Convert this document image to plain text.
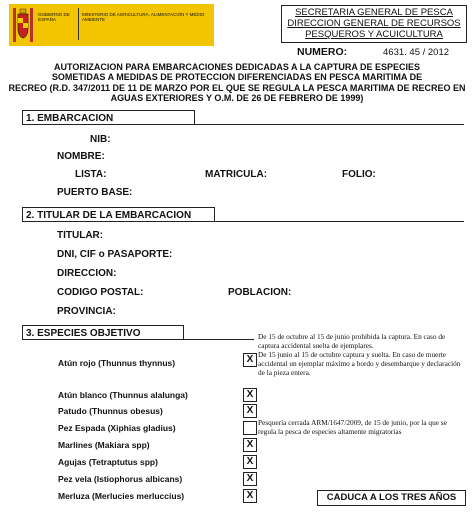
GOBIERNO DE ESPAÑA
MINISTERIO DE AGRICULTURA, ALIMENTACIÓN Y MEDIO AMBIENTE
SECRETARIA GENERAL DE PESCA
DIRECCION GENERAL DE RECURSOS
PESQUEROS Y ACUICULTURA
NUMERO:	4631. 45 / 2012
AUTORIZACION PARA EMBARCACIONES DEDICADAS A LA CAPTURA DE ESPECIES
SOMETIDAS A MEDIDAS DE PROTECCION DIFERENCIADAS EN PESCA MARITIMA DE
RECREO (R.D. 347/2011 DE 11 DE MARZO POR EL QUE SE REGULA LA PESCA MARITIMA DE RECREO EN
AGUAS EXTERIORES Y O.M. DE 26 DE FEBRERO DE 1999)
1. EMBARCACION
NIB:
NOMBRE:
LISTA:	MATRICULA:	FOLIO:
PUERTO BASE:
2. TITULAR DE LA EMBARCACION
TITULAR:
DNI, CIF o PASAPORTE:
DIRECCION:
CODIGO POSTAL:	POBLACION:
PROVINCIA:
3. ESPECIES OBJETIVO	De 15 de octubre al 15 de junio prohibida la captura. En caso de captura accidental suelta de ejemplares.
Atún rojo (Thunnus thynnus)	X De 15 junio al 15 de octubre captura y suelta. En caso de muerte accidental un ejemplar máximo a bordo y desembarque y declaración de la pieza entera.
Atún blanco (Thunnus alalunga)	X
Patudo (Thunnus obesus)	X
Pez Espada (Xiphias gladius)
Pesquería cerrada ARM/1647/2009, de 15 de junio, por la que se regula la pesca de especies altamente migratorias
Marlines (Makiara spp)	X
Agujas (Tetraptutus spp)	X
Pez vela (Istiophorus albicans)	X
Merluza (Merlucies merluccius)	X	CADUCA A LOS TRES AÑOS
